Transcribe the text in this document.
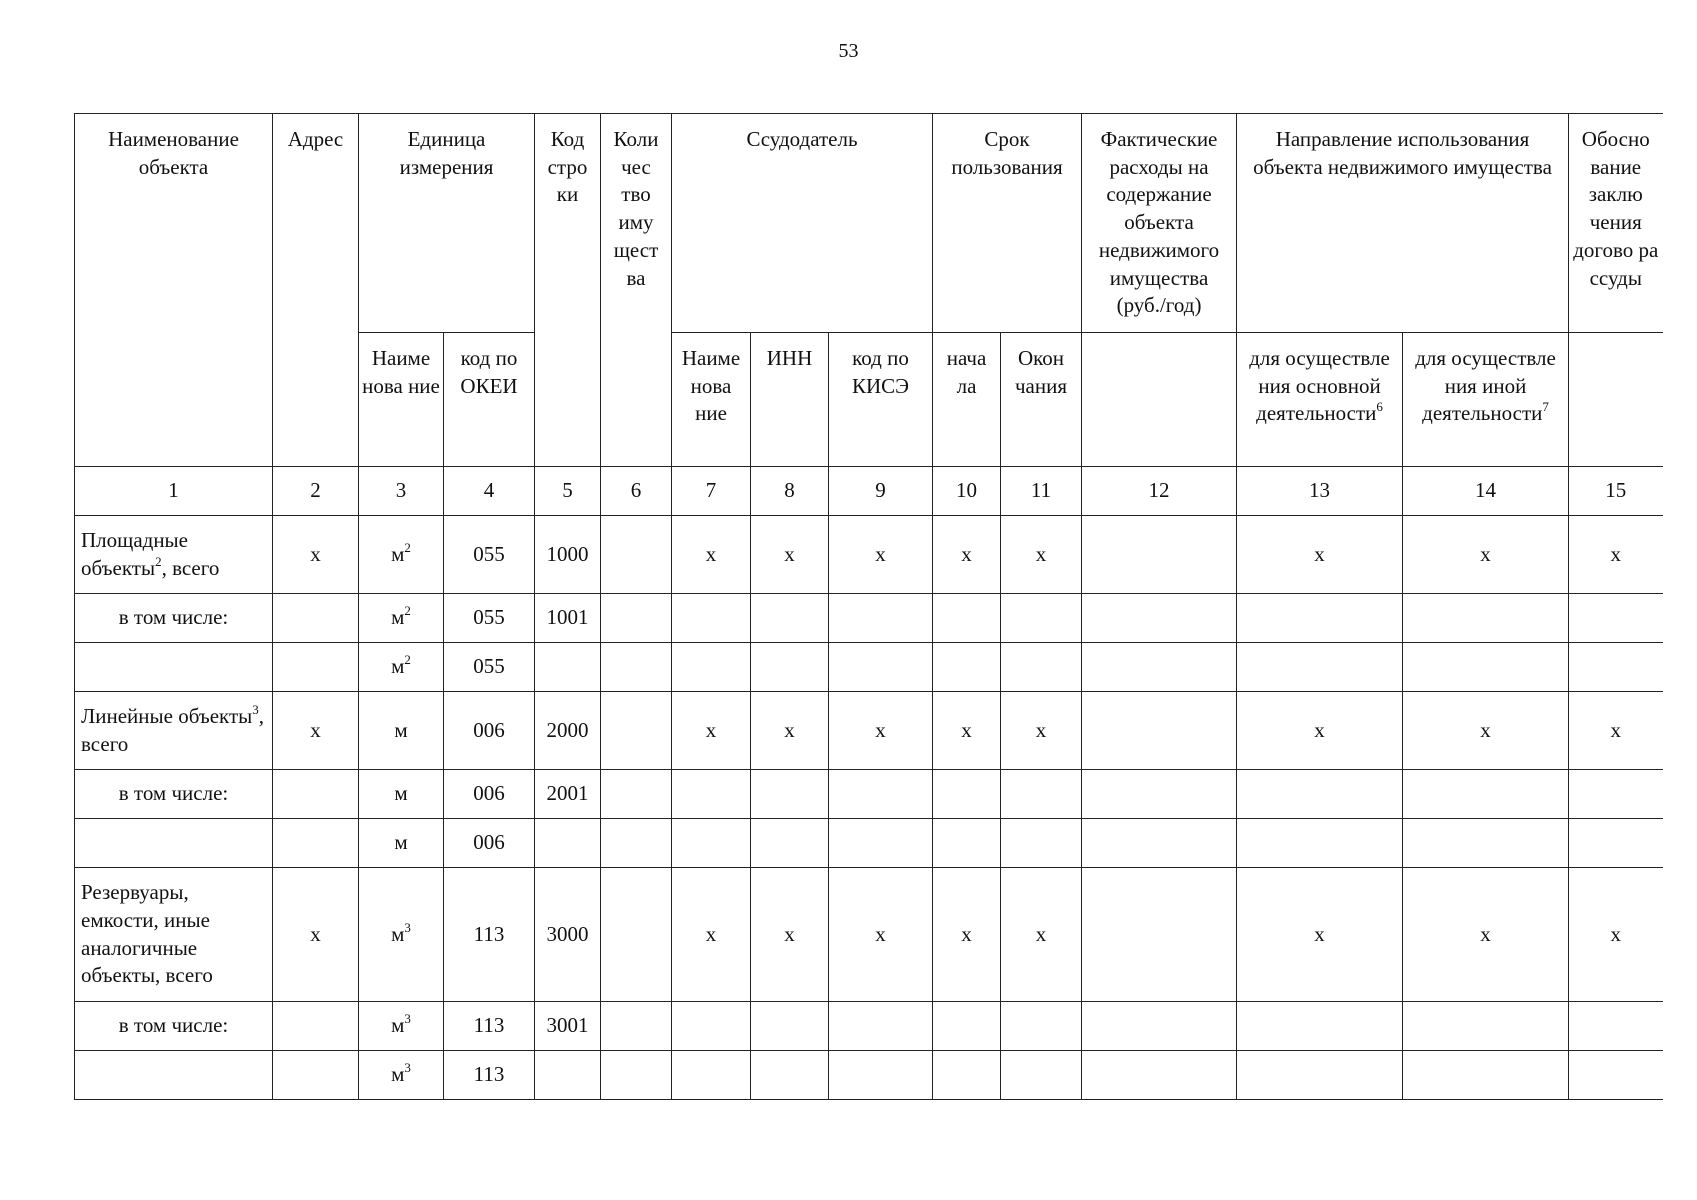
53
Наименование объекта	Адрес	Единица измерения		Код стро ки	Коли чес тво иму щест ва	Ссудодатель			Срок пользования		Фактические расходы на содержание объекта недвижимого имущества (руб./год)	Направление использования объекта недвижимого имущества		Обосно вание заклю чения догово ра ссуды
		Наиме нова ние	код по ОКЕИ			Наиме нова ние	ИНН	код по КИСЭ	нача ла	Окон чания		для осуществле ния основной деятельности$^6$	для осуществле ния иной деятельности$^7$	
1	2	3	4	5	6	7	8	9	10	11	12	13	14	15
Площадные объекты$^2$, всего	х	$м^2$	055	1000		х	х	х	х	х		х	х	х
в том числе:		$м^2$	055	1001										
		$м^2$	055											
Линейные объекты$^3$, всего	х	м	006	2000		х	х	х	х	х		х	х	х
в том числе:		м	006	2001										
		м	006											
Резервуары, емкости, иные аналогичные объекты, всего	х	$м^3$	113	3000		х	х	х	х	х		х	х	х
в том числе:		$м^3$	113	3001										
		$м^3$	113											
